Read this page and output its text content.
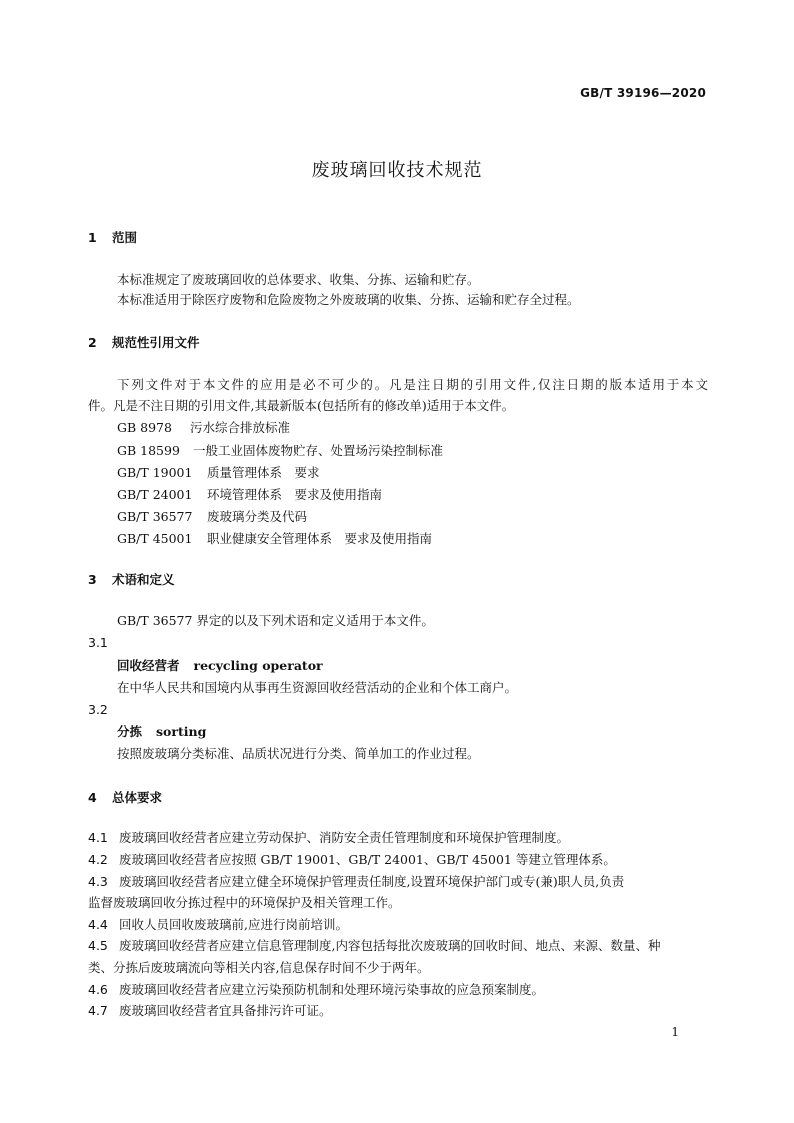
GB/T 39196—2020
废玻璃回收技术规范
1 范围
本标准规定了废玻璃回收的总体要求、收集、分拣、运输和贮存。
本标准适用于除医疗废物和危险废物之外废玻璃的收集、分拣、运输和贮存全过程。
2 规范性引用文件
下列文件对于本文件的应用是必不可少的。凡是注日期的引用文件,仅注日期的版本适用于本文
件。凡是不注日期的引用文件,其最新版本(包括所有的修改单)适用于本文件。
GB 8978 污水综合排放标准
GB 18599 一般工业固体废物贮存、处置场污染控制标准
GB/T 19001 质量管理体系　要求
GB/T 24001 环境管理体系　要求及使用指南
GB/T 36577 废玻璃分类及代码
GB/T 45001 职业健康安全管理体系　要求及使用指南
3 术语和定义
GB/T 36577 界定的以及下列术语和定义适用于本文件。
3.1
回收经营者 recycling operator
在中华人民共和国境内从事再生资源回收经营活动的企业和个体工商户。
3.2
分拣 sorting
按照废玻璃分类标准、品质状况进行分类、简单加工的作业过程。
4 总体要求
4.1 废玻璃回收经营者应建立劳动保护、消防安全责任管理制度和环境保护管理制度。
4.2 废玻璃回收经营者应按照 GB/T 19001、GB/T 24001、GB/T 45001 等建立管理体系。
4.3 废玻璃回收经营者应建立健全环境保护管理责任制度,设置环境保护部门或专(兼)职人员,负责
监督废玻璃回收分拣过程中的环境保护及相关管理工作。
4.4 回收人员回收废玻璃前,应进行岗前培训。
4.5 废玻璃回收经营者应建立信息管理制度,内容包括每批次废玻璃的回收时间、地点、来源、数量、种
类、分拣后废玻璃流向等相关内容,信息保存时间不少于两年。
4.6 废玻璃回收经营者应建立污染预防机制和处理环境污染事故的应急预案制度。
4.7 废玻璃回收经营者宜具备排污许可证。
1
